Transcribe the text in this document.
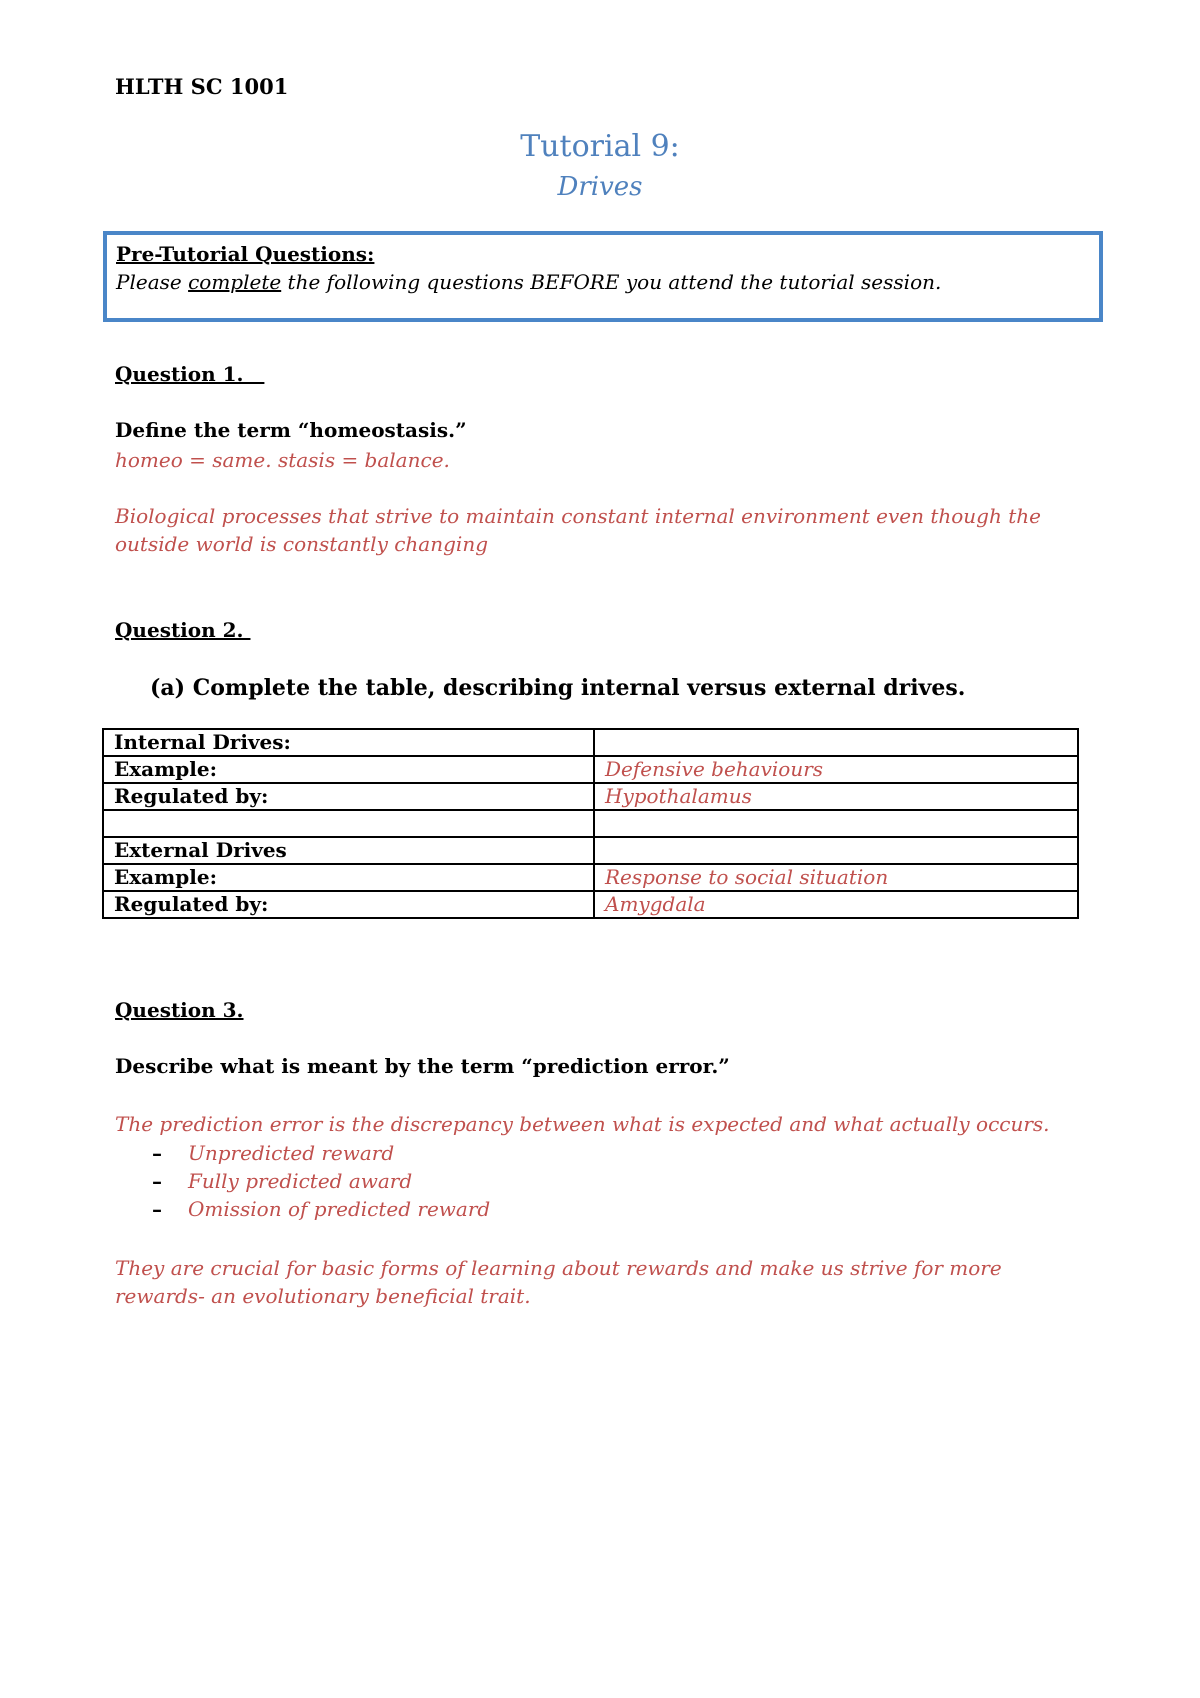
HLTH SC 1001
Tutorial 9:
Drives
Pre-Tutorial Questions:
Please complete the following questions BEFORE you attend the tutorial session.
Question 1.
Define the term “homeostasis.”
homeo = same. stasis = balance.
Biological processes that strive to maintain constant internal environment even though the outside world is constantly changing
Question 2.
(a) Complete the table, describing internal versus external drives.
Internal Drives:	
Example:	Defensive behaviours
Regulated by:	Hypothalamus

External Drives	
Example:	Response to social situation
Regulated by:	Amygdala
Question 3.
Describe what is meant by the term “prediction error.”
The prediction error is the discrepancy between what is expected and what actually occurs.
– Unpredicted reward
– Fully predicted award
– Omission of predicted reward
They are crucial for basic forms of learning about rewards and make us strive for more rewards- an evolutionary beneficial trait.
